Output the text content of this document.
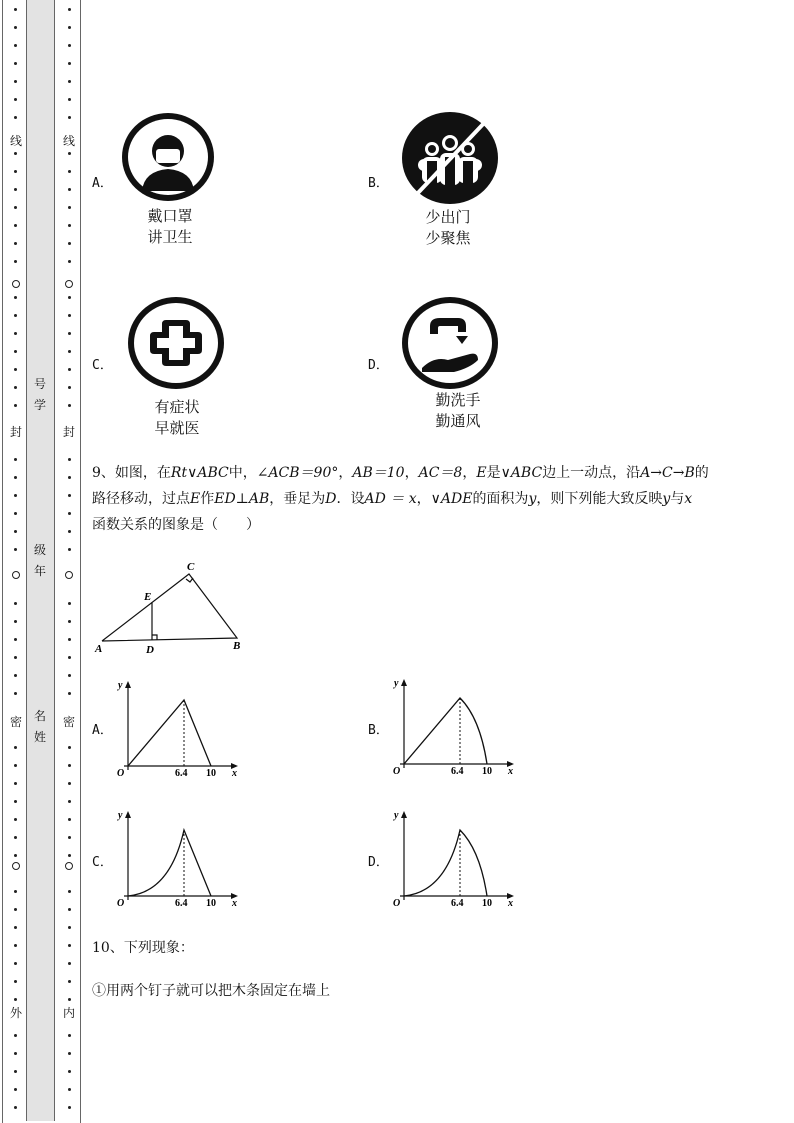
线
封
密
外
线
封
密
内
号学
级年
名姓
A．
戴口罩
讲卫生
B．
少出门
少聚焦
C．
有症状
早就医
D．
勤洗手
勤通风
9、如图，在Rt∨ABC中，∠ACB＝90°，AB＝10，AC＝8，E是∨ABC边上一动点，沿A→C→B的
路径移动，过点E作ED⊥AB，垂足为D．设AD ＝ x，∨ADE的面积为y，则下列能大致反映y与x
函数关系的图象是（　　）
C
E
A	D	B
A．	B．
C．	D．
y
x
O	6.4 10
y
x
O	6.4 10
y
x
O	6.4 10
y
x
O	6.4 10
10、下列现象：
①用两个钉子就可以把木条固定在墙上
